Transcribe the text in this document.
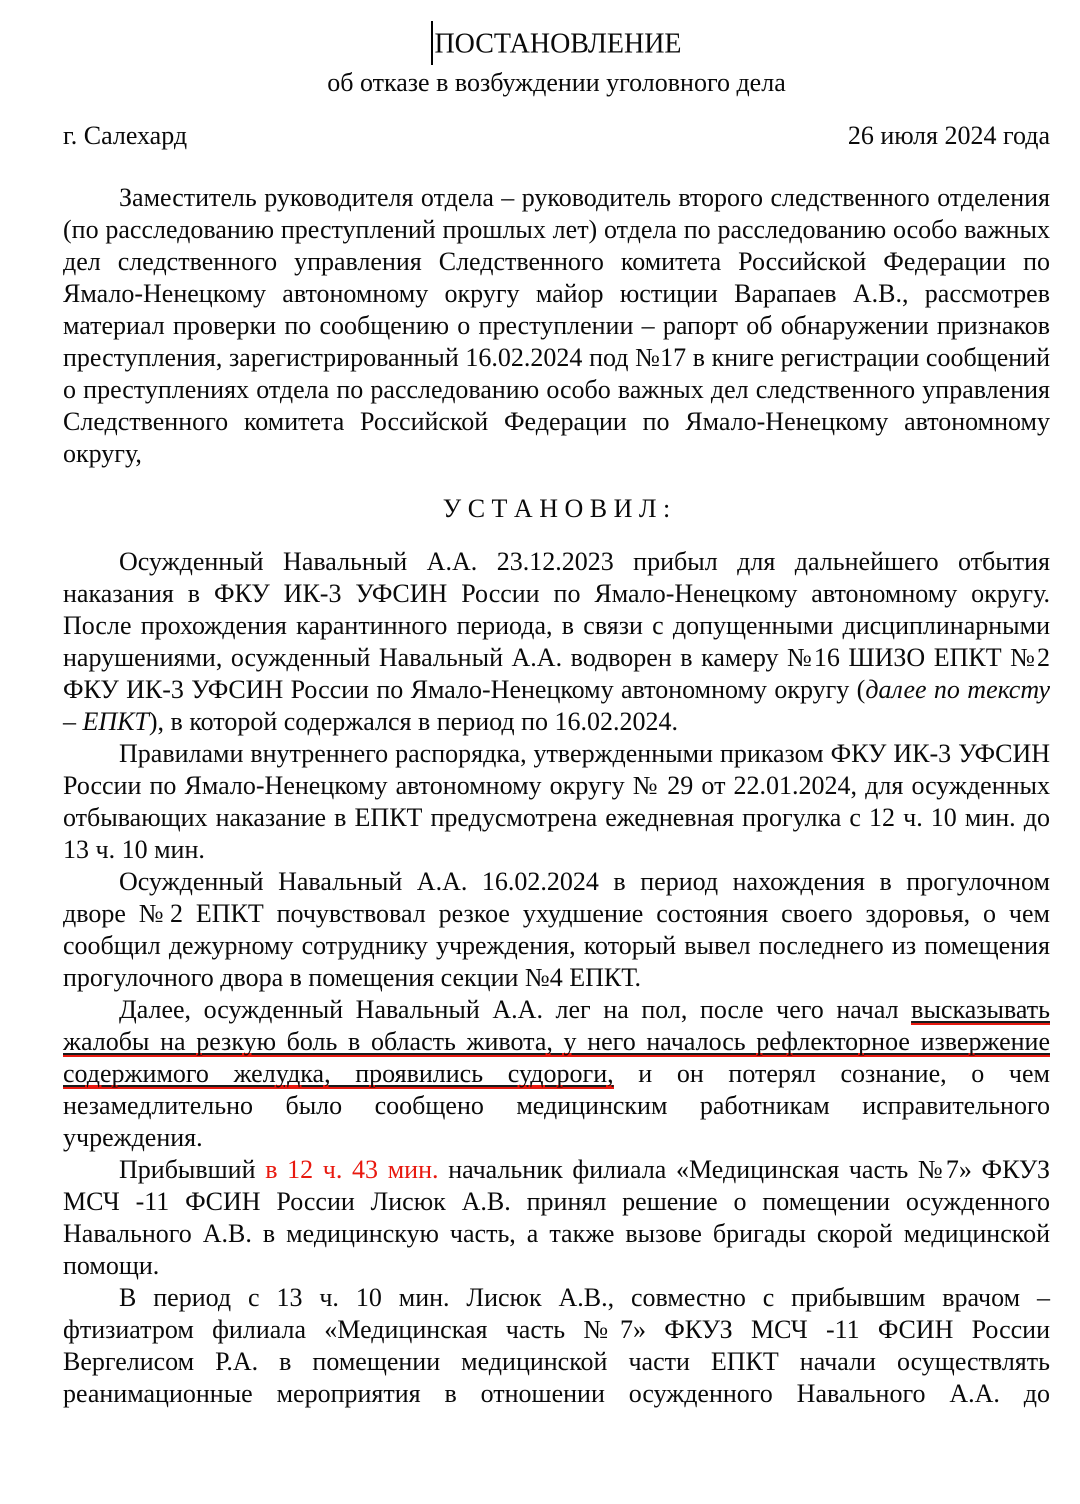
ПОСТАНОВЛЕНИЕ
об отказе в возбуждении уголовного дела
г. Салехард	26 июля 2024 года

Заместитель руководителя отдела – руководитель второго следственного отделения (по расследованию преступлений прошлых лет) отдела по расследованию особо важных дел следственного управления Следственного комитета Российской Федерации по Ямало-Ненецкому автономному округу майор юстиции Варапаев А.В., рассмотрев материал проверки по сообщению о преступлении – рапорт об обнаружении признаков преступления, зарегистрированный 16.02.2024 под №17 в книге регистрации сообщений о преступлениях отдела по расследованию особо важных дел следственного управления Следственного комитета Российской Федерации по Ямало-Ненецкому автономному округу,

У С Т А Н О В И Л :

Осужденный Навальный А.А. 23.12.2023 прибыл для дальнейшего отбытия наказания в ФКУ ИК-3 УФСИН России по Ямало-Ненецкому автономному округу. После прохождения карантинного периода, в связи с допущенными дисциплинарными нарушениями, осужденный Навальный А.А. водворен в камеру №16 ШИЗО ЕПКТ №2 ФКУ ИК-3 УФСИН России по Ямало-Ненецкому автономному округу (далее по тексту – ЕПКТ), в которой содержался в период по 16.02.2024.

Правилами внутреннего распорядка, утвержденными приказом ФКУ ИК-3 УФСИН России по Ямало-Ненецкому автономному округу № 29 от 22.01.2024, для осужденных отбывающих наказание в ЕПКТ предусмотрена ежедневная прогулка с 12 ч. 10 мин. до 13 ч. 10 мин.

Осужденный Навальный А.А. 16.02.2024 в период нахождения в прогулочном дворе №2 ЕПКТ почувствовал резкое ухудшение состояния своего здоровья, о чем сообщил дежурному сотруднику учреждения, который вывел последнего из помещения прогулочного двора в помещения секции №4 ЕПКТ.

Далее, осужденный Навальный А.А. лег на пол, после чего начал высказывать жалобы на резкую боль в область живота, у него началось рефлекторное извержение содержимого желудка, проявились судороги, и он потерял сознание, о чем незамедлительно было сообщено медицинским работникам исправительного учреждения.

Прибывший в 12 ч. 43 мин. начальник филиала «Медицинская часть №7» ФКУЗ МСЧ -11 ФСИН России Лисюк А.В. принял решение о помещении осужденного Навального А.В. в медицинскую часть, а также вызове бригады скорой медицинской помощи.

В период с 13 ч. 10 мин. Лисюк А.В., совместно с прибывшим врачом – фтизиатром филиала «Медицинская часть №7» ФКУЗ МСЧ -11 ФСИН России Вергелисом Р.А. в помещении медицинской части ЕПКТ начали осуществлять реанимационные мероприятия в отношении осужденного Навального А.А. до
